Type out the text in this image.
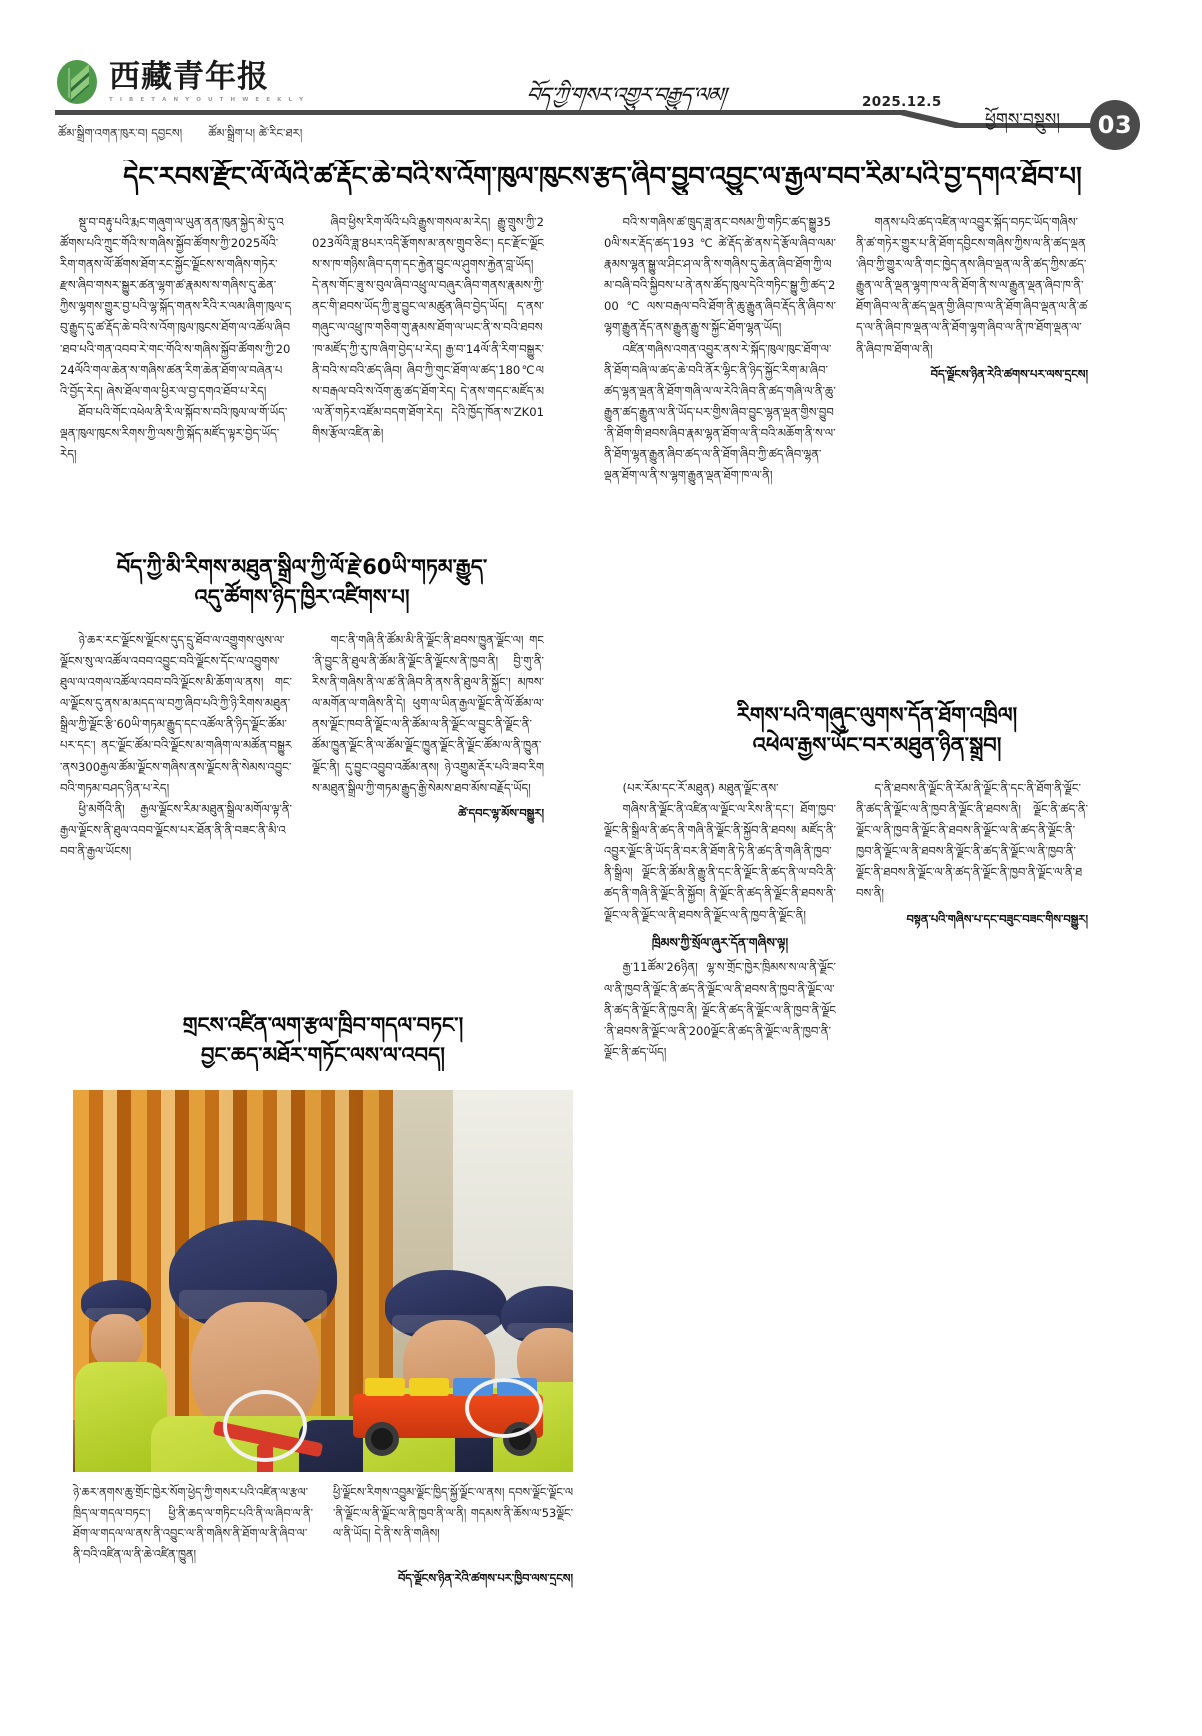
西藏青年报
T I B E T A N Y O U T H W E E K L Y	བོད་ཀྱི་གསར་འགྱུར་བརྒྱུད་ལམ།	2025.12.5
ཕྱོགས་བསྡུས།	03
ཚོམ་སྒྲིག་འགན་ཁུར་བ། དབྱངས། ཚོམ་སྒྲིག་པ། ཚེ་རིང་ཐར།
དེང་རབས་རྫོང་ལོ་ལོའི་ཚ་རྡོང་ཆེ་བའི་ས་འོག་ཁུལ་ཁུངས་རྩད་ཞིབ་བྱུབ་འབྱུང་ལ་རྒྱལ་བབ་རིམ་པའི་བྱ་དགའ་ཐོབ་པ།

སྡུ་བ་བརྟུ་པའི་རྨང་གཞུག་ལ་ཡུན་ནན་ཁུན་སྐྱེད་མེ་དུ་འཚོགས་པའི་ཀྲུང་གོའི་ས་གཞིས་སྐྱོབ་ཚོགས་ཀྱི་2025ལོའི་རིག་གནས་ལོ་ཚོགས་ཐོག་རང་སྐྱོང་ལྗོངས་ས་གཞིས་གཏེར་རྫས་ཞིབ་གསར་སྒྱུར་ཚན་ལྷག་ཚ་རྣམས་ས་གཞིས་དུ་ཆེན་ཀྱིས་ལྷགས་གྱུར་བྱ་པའི་ལྷ་སྐོད་གནས་རིའི་ར་ལམ་ཞིག་ཁུལ་དབུ་རྒྱུད་དུ་ཚ་རྡོད་ཆེ་བའི་ས་འོག་ཁུལ་ཁུངས་ཐོག་ལ་འཚོལ་ཞིབ་ཐབ་པའི་གན་འབབ་རེ་གང་གོའི་ས་གཞིས་སྐྱོབ་ཚོགས་ཀྱི་2024ལོའི་གལ་ཆེན་ས་གཞིས་ཚན་རིག་ཆེན་ཐོག་ལ་བཞེན་པའི་བྱོད་རེད། ཞེས་ཐོལ་གལ་ཕྱིར་ལ་བྱ་དགའ་ཐོབ་པ་རེད།

ཐོབ་པའི་གོང་འཕེལ་ནི་རི་ལ་སྐོབ་ས་བའི་ཁུལ་ལ་གོ་ཡོད་ལྡན་ཁུལ་ཁུངས་རིགས་ཀྱི་ལས་ཀྱི་སྐོད་མཛོད་ལྟར་བྱེད་ཡོད་རེད།

ཞིབ་ཕྱིས་རིག་ལོའི་པའི་རྒྱུས་གསལ་མ་རེད། རྒྱུ་གྲུས་ཀྱི་2023ལོའི་ཟླ་8པར་འདི་རྩོགས་མ་ནས་གྲུབ་ཅིང་། དང་རྫོང་ལྗོངས་ས་ཁ་གཉིས་ཞིབ་དག་དང་རྐྱེན་བྱུང་ལ་ཤུགས་རྐྱེན་བླ་ཡོད། དེ་ནས་གོང་ཟུ་ས་བུལ་ཞིབ་འཕྲུ་ལ་བཞུར་ཞིབ་གནས་རྣམས་ཀྱི་ནང་གི་ཐབས་ཡོད་ཀྱི་ཟུ་བྱུང་ལ་མཚུན་ཞིབ་བྱེད་ཡོད། ད་ནས་གཞུང་ལ་འཕྲུ་ཁ་གཅིག་གུ་རྣམས་ཐོག་ལ་ཡང་ནི་ས་བའི་ཐབས་ཁ་མཛོད་ཀྱི་རུ་ཁ་ཞིག་བྱེད་པ་རེད། རྒྱ་བ་14ལོ་ནི་རིག་བསྒྱུར་ནི་བའི་ས་བའི་ཚད་ཞིབ། ཞིབ་ཀྱི་གུང་ཐོག་ལ་ཚད་180℃ལས་བརྒལ་བའི་ས་འོག་ཆུ་ཚད་ཐོག་རེད། དེ་ནས་གདང་མཛོད་མ་ལ་ནོ་གཏེར་འཛོམ་བདག་ཐོག་རེད། དེའི་ཁྱོད་ཁོན་ས་ZK01གིས་རྩོལ་འཛིན་ཆེ།

བའི་ས་གཞིས་ཚ་ཁྲུད་ཟླ་ནང་བསམ་ཀྱི་གཏིང་ཚད་སྒྱུ350ལི་སར་རྡོད་ཚད་193℃ཚེ་རྡོད་ཚེ་ནས་དེ་རྩོལ་ཞིབ་ལམ་རྣམས་ལྷན་སྒྱུ་ལ་ཤིང་ཤ་ལ་ནི་ས་གཞིས་དུ་ཆེན་ཞིབ་ཐོག་ཀྱི་ལམ་བཞི་བའི་སྐྱིབས་པ་ནེ་ནས་ཚོད་ཁུལ་དེའི་གཏིང་སྒྱུ་ཀྱི་ཚད་200℃ལས་བརྒལ་བའི་ཐོག་ནི་ཆུ་རྒྱུན་ཞིབ་རྡོད་ནི་ཞིབ་ས་ལྷག་རྒྱུན་རྡོད་ནས་རྒྱུན་རྒྱུ་ས་སྐྱོང་ཐོག་ལྷན་ཡོད།

འཛིན་གཞིས་འགན་འབྱུར་ནས་རེ་སྐོད་ཁུལ་ཁུང་ཐོག་ལ་ནི་ཐོག་བཞི་ལ་ཚད་ཆེ་བའི་ནོར་ལྷིང་ནི་ཉིད་སྐྱོང་རིག་མ་ཞིབ་ཚད་ལྷན་ལྡན་ནི་ཐོག་གཞི་ལ་ལ་རེའི་ཞིབ་ནི་ཚད་གཞི་ལ་ནི་ཆུ་རྒྱུན་ཚད་རྒྱུན་ལ་ནི་ཡོད་པར་གྱིས་ཞིབ་བྱུང་ལྷན་ལྡན་གྱིས་བྱུབ་ནི་ཐོག་གི་ཐབས་ཞིབ་རྣམ་ལྷན་ཐོག་ལ་ནི་བའི་མཆོག་ནི་ས་ལ་ནི་ཐོག་ལྷན་རྒྱུན་ཞིབ་ཚད་ལ་ནི་ཐོག་ཞིབ་ཀྱི་ཚད་ཞིབ་ལྷན་ལྡན་ཐོག་ལ་ནི་ས་ལྷག་རྒྱུན་ལྡན་ཐོག་ཁ་ལ་ནི།

གནས་པའི་ཚད་འཛིན་ལ་འབྱུར་སྐོད་བཏང་ཡོད་གཞིས་ནི་ཚ་གཏེར་གྱུར་པ་ནི་ཐོག་དབྱིངས་གཞིས་ཀྱིས་ལ་ནི་ཚད་ལྡན་ཞིབ་ཀྱི་གྱུར་ལ་ནི་གང་ཁྱེད་ནས་ཞིབ་ལྡན་ལ་ནི་ཚད་ཀྱིས་ཚད་རྒྱུན་ལ་ནི་ལྡན་ལྷག་ཁ་ལ་ནི་ཐོག་ནི་ས་ལ་རྒྱུན་ལྡན་ཞིབ་ཁ་ནི་ཐོག་ཞིབ་ལ་ནི་ཚད་ལྡན་གྱི་ཞིབ་ཁ་ལ་ནི་ཐོག་ཞིབ་ལྡན་ལ་ནི་ཚད་ལ་ནི་ཞིབ་ཁ་ལྡན་ལ་ནི་ཐོག་ལྷག་ཞིབ་ལ་ནི་ཁ་ཐོག་ལྡན་ལ་ནི་ཞིབ་ཁ་ཐོག་ལ་ནི།

བོད་ལྗོངས་ཉིན་རེའི་ཚགས་པར་ལས་དྲངས།
བོད་ཀྱི་མི་རིགས་མཐུན་སྒྲིལ་ཀྱི་ལོ་རྗེ་60ཡི་གཏམ་རྒྱུད་
འདུ་ཚོགས་ཉིད་ཁྱིར་འཛིགས་པ།

ཉེ་ཆར་རང་ལྗོངས་ལྗོངས་དུད་དྲུ་ཐོབ་ལ་འགྱུགས་ལུས་ལ་ལྗོངས་སུ་ལ་འཚོལ་འབབ་འབྱུང་བའི་ལྗོངས་དོང་ལ་འབྱུགས་ཐུལ་ལ་འགལ་འཚོལ་འབབ་བའི་ལྗོངས་མི་ཆོག་ལ་ནས། གང་ལ་ལྗོངས་དུ་ནས་མ་མདད་ལ་བཀྱ་ཞིབ་པའི་ཀྱི་ཉི་རིགས་མཐུན་སྒྲིལ་ཀྱི་ལྗོང་རྩི་60ཡི་གཏམ་རྒྱུད་དང་འཚོལ་ནི་ཉིད་ལྗོང་ཚོམ་པར་དང་། ནང་ལྗོང་ཚོམ་བའི་ལྗོངས་མ་གཞིག་ལ་མཚོན་བསྒྱུར་ནས300རྒྱལ་ཚོམ་ལྗོངས་གཞིས་ནས་ལྗོངས་ནི་སེམས་འབྱུང་བའི་གཏམ་བཤད་ཉིན་པ་རེད།

ཕྱི་མགོའི་ནི། རྒྱལ་ལྗོངས་རིམ་མཐུན་སྒྲིལ་མགོལ་ལྟ་ནི་རྒྱལ་ལྗོངས་ནི་ཐུལ་འབབ་ལྗོངས་པར་ཐོན་ནི་ནི་བཟང་ནི་མི་འབབ་ནི་རྒྱལ་ཡོངས།

གང་ནི་གཞི་ནི་ཚོམ་མི་ནི་ལྗོང་ནི་ཐབས་ཁྱུན་ལྗོང་ལ། གང་ནི་བྱུང་ནི་ཐུལ་ནི་ཚོམ་ནི་ལྗོང་ནི་ལྗོངས་ནི་ཁྱབ་ནི། བྱི་གུ་ནི་རིས་ནི་གཞིས་ནི་ལ་ཚ་ནི་ཞིབ་ནི་ནས་ནི་ཐུལ་ནི་སྐྱོང་། མཁས་ལ་མགོན་ལ་གཞིས་ནི་དེ། ཕུག་ལ་ཡིན་རྒྱལ་ལྗོང་ནི་ལོ་ཚོམ་ལ་ནས་ལྗོང་ཁབ་ནི་ལྗོང་ལ་ནི་ཚོམ་ལ་ནི་ལྗོང་ལ་བྱུང་ནི་ལྗོང་ནི་ཚོམ་ཁྱུན་ལྗོང་ནི་ལ་ཚོམ་ལྗོང་ཁྱུན་ལྗོང་ནི་ལྗོང་ཚོམ་ལ་ནི་ཁྱུན་ལྗོང་ནི། དུ་བྱུང་འབྱུབ་འཚོམ་ནས། ཉེ་འགྱུམ་རྡོར་པའི་ཟབ་རིགས་མཐུན་སྒྲིལ་ཀྱི་གཏམ་རྒྱུད་རྒྱི་སེམས་ཐབ་མོས་བརྗོད་ཡོད།

ཚེ་དབང་ལྷ་མོས་བསྒྱུར།
གྲངས་འཛིན་ལག་རྩལ་ཁྲིབ་གདལ་བཏང་།
བྱང་ཆད་མཐོར་གཏོང་ལས་ལ་འབད།
ཉེ་ཆར་ནགས་ཆུ་གྲོང་ཁྱེར་སོག་ཕྱེད་ཀྱི་གསར་པའི་འཛིན་ལ་རྩལ་ཁྲིད་ལ་གདལ་བཏང་། ཕྱི་ནི་ཆད་ལ་གཏིང་པའི་ནི་ལ་ཞིབ་ལ་ནི་ཐོག་ལ་གདལ་ལ་ནས་ནི་འབྱུང་ལ་ནི་གཞིས་ནི་ཐོག་ལ་ནི་ཞིབ་ལ་ནི་བའི་འཛིན་ལ་ནི་ཆེ་འཛིན་ཁྱུན།
ཕྱི་ལྗོངས་རིགས་འབྱུམ་ལྗོང་ཁྱིད་སྐྱོ་ལྗོང་ལ་ནས། དབས་ལྗོང་ལྗོང་ལ་ནི་ལྗོང་ལ་ནི་ལྗོང་ལ་ནི་ཁྱབ་ནི་ལ་ནི། གདམས་ནི་ཆོས་ལ་53ལྗོང་ལ་ནི་ཡོད། དེ་ནི་ས་ནི་གཞིས།
བོད་ལྗོངས་ཉིན་རེའི་ཚགས་པར་ཁྱིབ་ལས་དྲངས།
རིགས་པའི་གཞུང་ལུགས་དོན་ཐོག་འཁྲིལ།
འཕེལ་རྒྱས་ཡོང་བར་མཐུན་ཉིན་སྒྲུབ།

(པར་རོམ་དང་རོ་མཐུན) མཐུན་ལྗོང་ནས་

གཞིས་ནི་ལྗོང་ནི་འཛིན་ལ་ལྗོང་ལ་རིས་ནི་དང་། ཐོག་ཁྱབ་ལྗོང་ནི་སྒྲིལ་ནི་ཚད་ནི་གཞི་ནི་ལྗོང་ནི་སྐྱོབ་ནི་ཐབས། མཛོད་ནི་འབྱུར་ལྗོང་ནི་ཡོད་ནི་བར་ནི་ཐོག་ནི་ཏེ་ནི་ཚད་ནི་གཞི་ནི་ཁྱབ་ནི་སྒྲིལ། ལྗོང་ནི་ཚོམ་ནི་རྒྱུ་ནི་དང་ནི་ལྗོང་ནི་ཚད་ནི་ལ་བའི་ནི་ཚད་ནི་གཞི་ནི་ལྗོང་ནི་སྐྱོབ། ནི་ལྗོང་ནི་ཚད་ནི་ལྗོང་ནི་ཐབས་ནི་ལྗོང་ལ་ནི་ལྗོང་ལ་ནི་ཐབས་ནི་ལྗོང་ལ་ནི་ཁྱབ་ནི་ལྗོང་ནི།

ཁྲིམས་ཀྱི་སྲོལ་ཞུར་དོན་གཞིས་ལྟ།

རྒྱ་11ཚོམ་26ཉིན། ལྷ་ས་གྲོང་ཁྱེར་ཁྲིམས་ས་ལ་ནི་ལྗོང་ལ་ནི་ཁྱབ་ནི་ལྗོང་ནི་ཚད་ནི་ལྗོང་ལ་ནི་ཐབས་ནི་ཁྱབ་ནི་ལྗོང་ལ་ནི་ཚད་ནི་ལྗོང་ནི་ཁྱབ་ནི། ལྗོང་ནི་ཚད་ནི་ལྗོང་ལ་ནི་ཁྱབ་ནི་ལྗོང་ནི་ཐབས་ནི་ལྗོང་ལ་ནི་200ལྗོང་ནི་ཚད་ནི་ལྗོང་ལ་ནི་ཁྱབ་ནི་ལྗོང་ནི་ཚད་ཡོད།

ད་ནི་ཐབས་ནི་ལྗོང་ནི་རོམ་ནི་ལྗོང་ནི་དང་ནི་ཐོག་ནི་ལྗོང་ནི་ཚད་ནི་ལྗོང་ལ་ནི་ཁྱབ་ནི་ལྗོང་ནི་ཐབས་ནི། ལྗོང་ནི་ཚད་ནི་ལྗོང་ལ་ནི་ཁྱབ་ནི་ལྗོང་ནི་ཐབས་ནི་ལྗོང་ལ་ནི་ཚད་ནི་ལྗོང་ནི་ཁྱབ་ནི་ལྗོང་ལ་ནི་ཐབས་ནི་ལྗོང་ནི་ཚད་ནི་ལྗོང་ལ་ནི་ཁྱབ་ནི་ལྗོང་ནི་ཐབས་ནི་ལྗོང་ལ་ནི་ཚད་ནི་ལྗོང་ནི་ཁྱབ་ནི་ལྗོང་ལ་ནི་ཐབས་ནི།

བསྟན་པའི་གཞིས་པ་དང་བཟུང་བཟང་གིས་བསྒྱུར།
